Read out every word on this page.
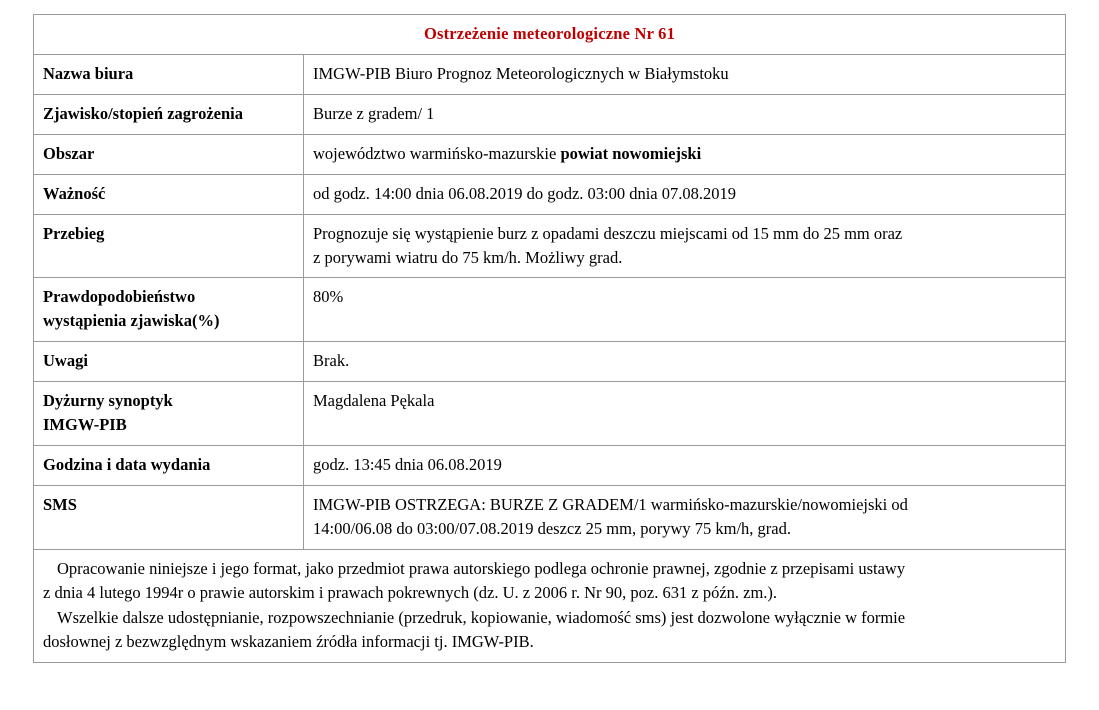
Ostrzeżenie meteorologiczne Nr 61	
Nazwa biura	IMGW-PIB Biuro Prognoz Meteorologicznych w Białymstoku
Zjawisko/stopień zagrożenia	Burze z gradem/ 1
Obszar	województwo warmińsko-mazurskie powiat nowomiejski
Ważność	od godz. 14:00 dnia 06.08.2019 do godz. 03:00 dnia 07.08.2019
Przebieg	Prognozuje się wystąpienie burz z opadami deszczu miejscami od 15 mm do 25 mm oraz
z porywami wiatru do 75 km/h. Możliwy grad.

Prawdopodobieństwo
wystąpienia zjawiska(%)	80%
Uwagi	Brak.

Dyżurny synoptyk
IMGW-PIB	Magdalena Pękala
Godzina i data wydania	godz. 13:45 dnia 06.08.2019
SMS	IMGW-PIB OSTRZEGA: BURZE Z GRADEM/1 warmińsko-mazurskie/nowomiejski od
14:00/06.08 do 03:00/07.08.2019 deszcz 25 mm, porywy 75 km/h, grad.

Opracowanie niniejsze i jego format, jako przedmiot prawa autorskiego podlega ochronie prawnej, zgodnie z przepisami ustawy
z dnia 4 lutego 1994r o prawie autorskim i prawach pokrewnych (dz. U. z 2006 r. Nr 90, poz. 631 z późn. zm.).

Wszelkie dalsze udostępnianie, rozpowszechnianie (przedruk, kopiowanie, wiadomość sms) jest dozwolone wyłącznie w formie
dosłownej z bezwzględnym wskazaniem źródła informacji tj. IMGW-PIB.	
